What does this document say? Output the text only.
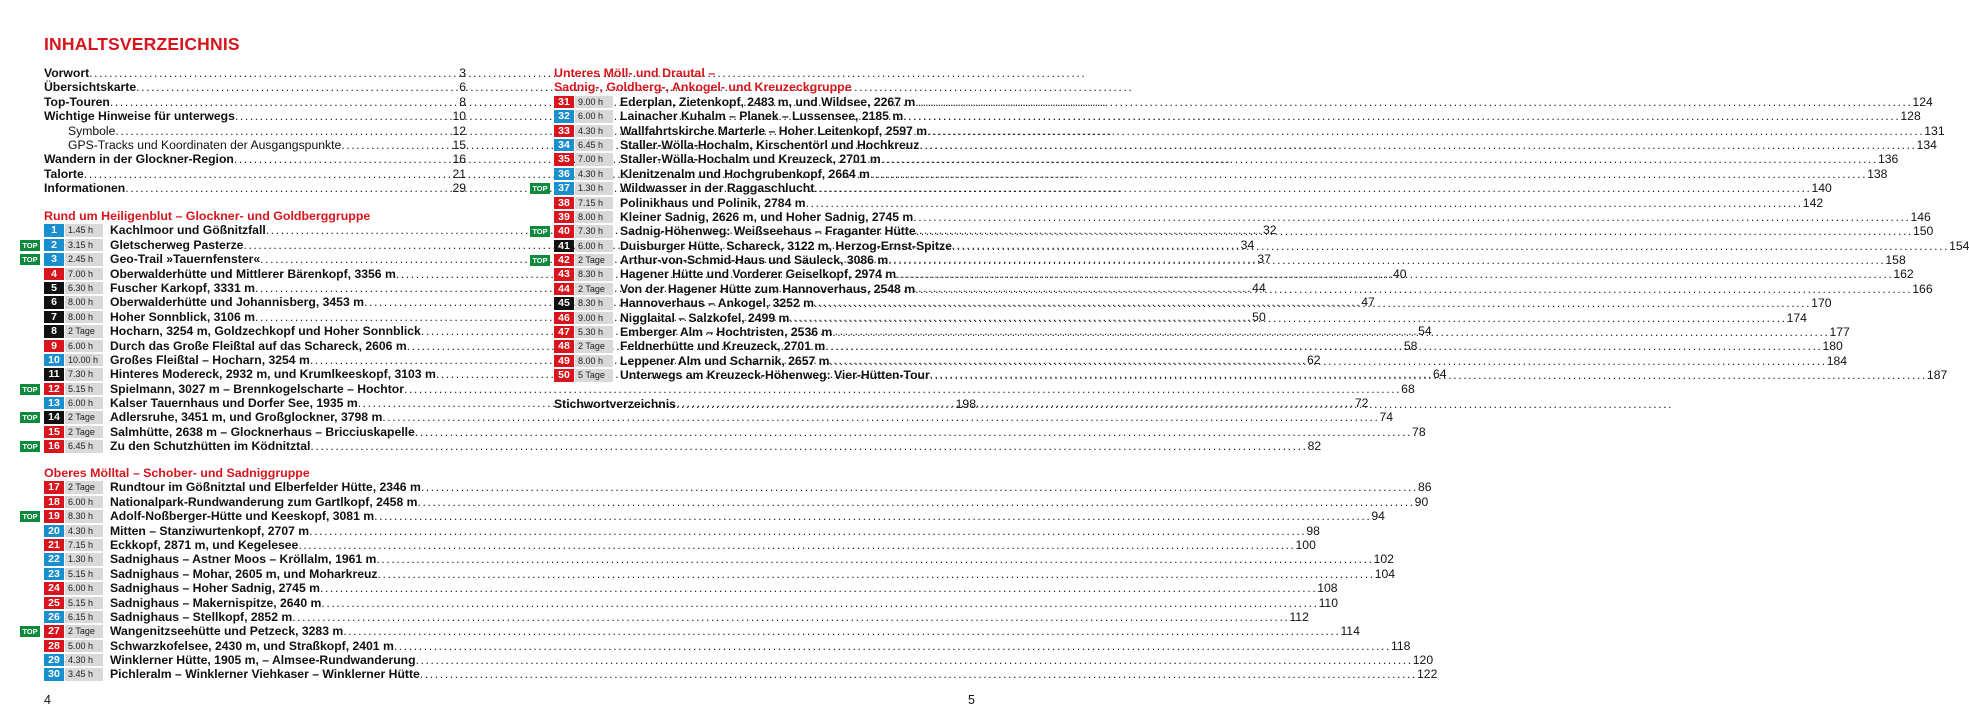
INHALTSVERZEICHNIS
Vorwort .....	3
Übersichtskarte .....	6
Top-Touren .....	8
Wichtige Hinweise für unterwegs .....	10
Symbole .....	12
GPS-Tracks und Koordinaten der Ausgangspunkte .....	15
Wandern in der Glockner-Region .....	16
Talorte .....	21
Informationen .....	29
Rund um Heiligenblut – Glockner- und Goldberggruppe
1	1.45 h	Kachlmoor und Gößnitzfall .....	32
TOP	2	3.15 h	Gletscherweg Pasterze .....	34
TOP	3	2.45 h	Geo-Trail »Tauernfenster« .....	37
4	7.00 h	Oberwalderhütte und Mittlerer Bärenkopf, 3356 m .....	40
5	6.30 h	Fuscher Karkopf, 3331 m .....	44
6	8.00 h	Oberwalderhütte und Johannisberg, 3453 m .....	47
7	8.00 h	Hoher Sonnblick, 3106 m .....	50
8	2 Tage	Hocharn, 3254 m, Goldzechkopf und Hoher Sonnblick .....	54
9	6.00 h	Durch das Große Fleißtal auf das Schareck, 2606 m .....	58
10 10.00 h Großes Fleißtal – Hocharn, 3254 m .....	62
11 7.30 h	Hinteres Modereck, 2932 m, und Krumlkeeskopf, 3103 m .....	64
TOP	12 5.15 h	Spielmann, 3027 m – Brennkogelscharte – Hochtor .....	68
13 6.00 h	Kalser Tauernhaus und Dorfer See, 1935 m .....	72
TOP	14 2 Tage	Adlersruhe, 3451 m, und Großglockner, 3798 m .....	74
15 2 Tage	Salmhütte, 2638 m – Glocknerhaus – Bricciuskapelle .....	78
TOP	16 6.45 h	Zu den Schutzhütten im Ködnitztal .....	82
Oberes Mölltal – Schober- und Sadniggruppe
17 2 Tage	Rundtour im Gößnitztal und Elberfelder Hütte, 2346 m .....	86
18 6.00 h	Nationalpark-Rundwanderung zum Gartlkopf, 2458 m .....	90
TOP	19 8.30 h	Adolf-Noßberger-Hütte und Keeskopf, 3081 m .....	94
20 4.30 h	Mitten – Stanziwurtenkopf, 2707 m .....	98
21 7.15 h	Eckkopf, 2871 m, und Kegelesee .....	100
22 1.30 h	Sadnighaus – Astner Moos – Kröllalm, 1961 m .....	102
23 5.15 h	Sadnighaus – Mohar, 2605 m, und Moharkreuz .....	104
24 6.00 h	Sadnighaus – Hoher Sadnig, 2745 m .....	108
25 5.15 h	Sadnighaus – Makernispitze, 2640 m .....	110
26 6.15 h	Sadnighaus – Stellkopf, 2852 m .....	112
TOP	27 2 Tage	Wangenitzseehütte und Petzeck, 3283 m .....	114
28 5.00 h	Schwarzkofelsee, 2430 m, und Straßkopf, 2401 m .....	118
29 4.30 h	Winklerner Hütte, 1905 m, – Almsee-Rundwanderung .....	120
30 3.45 h	Pichleralm – Winklerner Viehkaser – Winklerner Hütte .....	122
Unteres Möll- und Drautal –
Sadnig-, Goldberg-, Ankogel- und Kreuzeckgruppe
31 9.00 h	Ederplan, Zietenkopf, 2483 m, und Wildsee, 2267 m .....	124
32 6.00 h	Lainacher Kuhalm – Planek – Lussensee, 2185 m .....	128
33 4.30 h	Wallfahrtskirche Marterle – Hoher Leitenkopf, 2597 m .....	131
34 6.45 h	Staller-Wölla-Hochalm, Kirschentörl und Hochkreuz .....	134
35 7.00 h	Staller-Wölla-Hochalm und Kreuzeck, 2701 m .....	136
36 4.30 h	Klenitzenalm und Hochgrubenkopf, 2664 m .....	138
TOP	37 1.30 h	Wildwasser in der Raggaschlucht .....	140
38 7.15 h	Polinikhaus und Polinik, 2784 m .....	142
39 8.00 h	Kleiner Sadnig, 2626 m, und Hoher Sadnig, 2745 m .....	146
TOP	40 7.30 h	Sadnig-Höhenweg: Weißseehaus – Fraganter Hütte .....	150
41 6.00 h	Duisburger Hütte, Schareck, 3122 m, Herzog-Ernst-Spitze .....	154
TOP	42 2 Tage	Arthur-von-Schmid-Haus und Säuleck, 3086 m .....	158
43 8.30 h	Hagener Hütte und Vorderer Geiselkopf, 2974 m .....	162
44 2 Tage	Von der Hagener Hütte zum Hannoverhaus, 2548 m .....	166
45 8.30 h	Hannoverhaus – Ankogel, 3252 m .....	170
46 9.00 h	Nigglaital – Salzkofel, 2499 m .....	174
47 5.30 h	Emberger Alm – Hochtristen, 2536 m .....	177
48 2 Tage	Feldnerhütte und Kreuzeck, 2701 m .....	180
49 8.00 h	Leppener Alm und Scharnik, 2657 m .....	184
50 5 Tage	Unterwegs am Kreuzeck-Höhenweg: Vier-Hütten-Tour .....	187
Stichwortverzeichnis .....	198
4	5
